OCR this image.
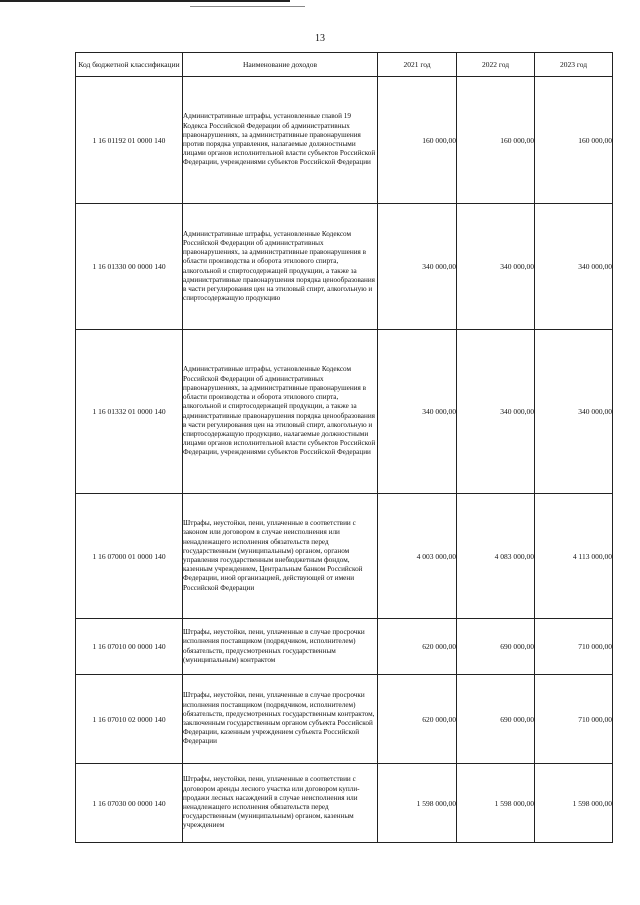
13
Код бюджетной классификации	Наименование доходов	2021 год	2022 год	2023 год
1 16 01192 01 0000 140	Административные штрафы, установленные главой 19 Кодекса Российской Федерации об административных правонарушениях, за административные правонарушения против порядка управления, налагаемые должностными лицами органов исполнительной власти субъектов Российской Федерации, учреждениями субъектов Российской Федерации	160 000,00	160 000,00	160 000,00
1 16 01330 00 0000 140	Административные штрафы, установленные Кодексом Российской Федерации об административных правонарушениях, за административные правонарушения в области производства и оборота этилового спирта, алкогольной и спиртосодержащей продукции, а также за административные правонарушения порядка ценообразования в части регулирования цен на этиловый спирт, алкогольную и спиртосодержащую продукцию	340 000,00	340 000,00	340 000,00
1 16 01332 01 0000 140	Административные штрафы, установленные Кодексом Российской Федерации об административных правонарушениях, за административные правонарушения в области производства и оборота этилового спирта, алкогольной и спиртосодержащей продукции, а также за административные правонарушения порядка ценообразования в части регулирования цен на этиловый спирт, алкогольную и спиртосодержащую продукцию, налагаемые должностными лицами органов исполнительной власти субъектов Российской Федерации, учреждениями субъектов Российской Федерации	340 000,00	340 000,00	340 000,00
1 16 07000 01 0000 140	Штрафы, неустойки, пени, уплаченные в соответствии с законом или договором в случае неисполнения или ненадлежащего исполнения обязательств перед государственным (муниципальным) органом, органом управления государственным внебюджетным фондом, казенным учреждением, Центральным банком Российской Федерации, иной организацией, действующей от имени Российской Федерации	4 003 000,00	4 083 000,00	4 113 000,00
1 16 07010 00 0000 140	Штрафы, неустойки, пени, уплаченные в случае просрочки исполнения поставщиком (подрядчиком, исполнителем) обязательств, предусмотренных государственным (муниципальным) контрактом	620 000,00	690 000,00	710 000,00
1 16 07010 02 0000 140	Штрафы, неустойки, пени, уплаченные в случае просрочки исполнения поставщиком (подрядчиком, исполнителем) обязательств, предусмотренных государственным контрактом, заключенным государственным органом субъекта Российской Федерации, казенным учреждением субъекта Российской Федерации	620 000,00	690 000,00	710 000,00
1 16 07030 00 0000 140	Штрафы, неустойки, пени, уплаченные в соответствии с договором аренды лесного участка или договором купли-продажи лесных насаждений в случае неисполнения или ненадлежащего исполнения обязательств перед государственным (муниципальным) органом, казенным учреждением	1 598 000,00	1 598 000,00	1 598 000,00
